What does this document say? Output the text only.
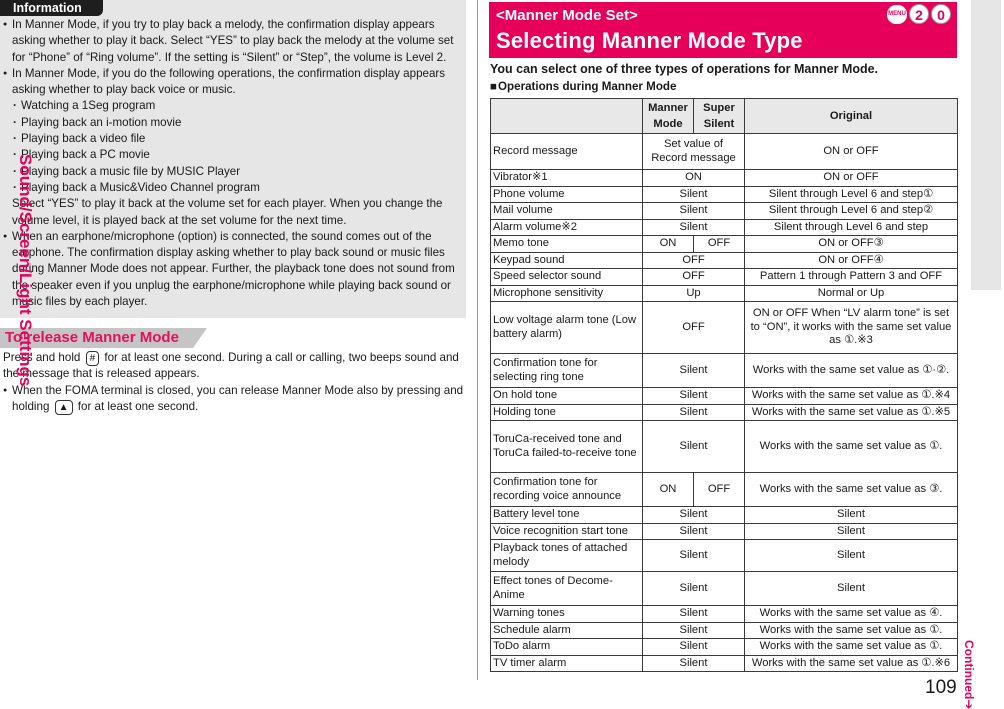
Information
● In Manner Mode, if you try to play back a melody, the confirmation display appears asking whether to play it back. Select “YES” to play back the melody at the volume set for “Phone” of “Ring volume”. If the setting is “Silent” or “Step”, the volume is Level 2.
● In Manner Mode, if you do the following operations, the confirmation display appears asking whether to play back voice or music.
· Watching a 1Seg program
· Playing back an i-motion movie
· Playing back a video file
· Playing back a PC movie
· Playing back a music file by MUSIC Player
· Playing back a Music&Video Channel program
Select “YES” to play it back at the volume set for each player. When you change the volume level, it is played back at the set volume for the next time.
● When an earphone/microphone (option) is connected, the sound comes out of the earphone. The confirmation display asking whether to play back sound or music files during Manner Mode does not appear. Further, the playback tone does not sound from the speaker even if you unplug the earphone/microphone while playing back sound or music files by each player.
To release Manner Mode
Press and hold # for at least one second. During a call or calling, two beeps sound and the message that is released appears.
● When the FOMA terminal is closed, you can release Manner Mode also by pressing and holding ▲ for at least one second.
<Manner Mode Set>
Selecting Manner Mode Type
MENU 2	0
You can select one of three types of operations for Manner Mode.
■ Operations during Manner Mode
	Manner Mode	Super Silent	Original
Record message	Set value of Record message		ON or OFF
Vibrator※1	ON		ON or OFF
Phone volume	Silent		Silent through Level 6 and step①
Mail volume	Silent		Silent through Level 6 and step②
Alarm volume※2	Silent		Silent through Level 6 and step
Memo tone	ON	OFF	ON or OFF③
Keypad sound	OFF		ON or OFF④
Speed selector sound	OFF		Pattern 1 through Pattern 3 and OFF
Microphone sensitivity	Up		Normal or Up
Low voltage alarm tone (Low battery alarm)	OFF		ON or OFF When “LV alarm tone” is set to “ON”, it works with the same set value as ①.※3
Confirmation tone for selecting ring tone	Silent		Works with the same set value as ①·②.
On hold tone	Silent		Works with the same set value as ①.※4
Holding tone	Silent		Works with the same set value as ①.※5
ToruCa-received tone and ToruCa failed-to-receive tone	Silent		Works with the same set value as ①.
Confirmation tone for recording voice announce	ON	OFF	Works with the same set value as ③.
Battery level tone	Silent		Silent
Voice recognition start tone	Silent		Silent
Playback tones of attached melody	Silent		Silent
Effect tones of Decome-Anime	Silent		Silent
Warning tones	Silent		Works with the same set value as ④.
Schedule alarm	Silent		Works with the same set value as ①.
ToDo alarm	Silent		Works with the same set value as ①.
TV timer alarm	Silent		Works with the same set value as ①.※6
Sound/Screen/Light Settings
Continued➔
109
